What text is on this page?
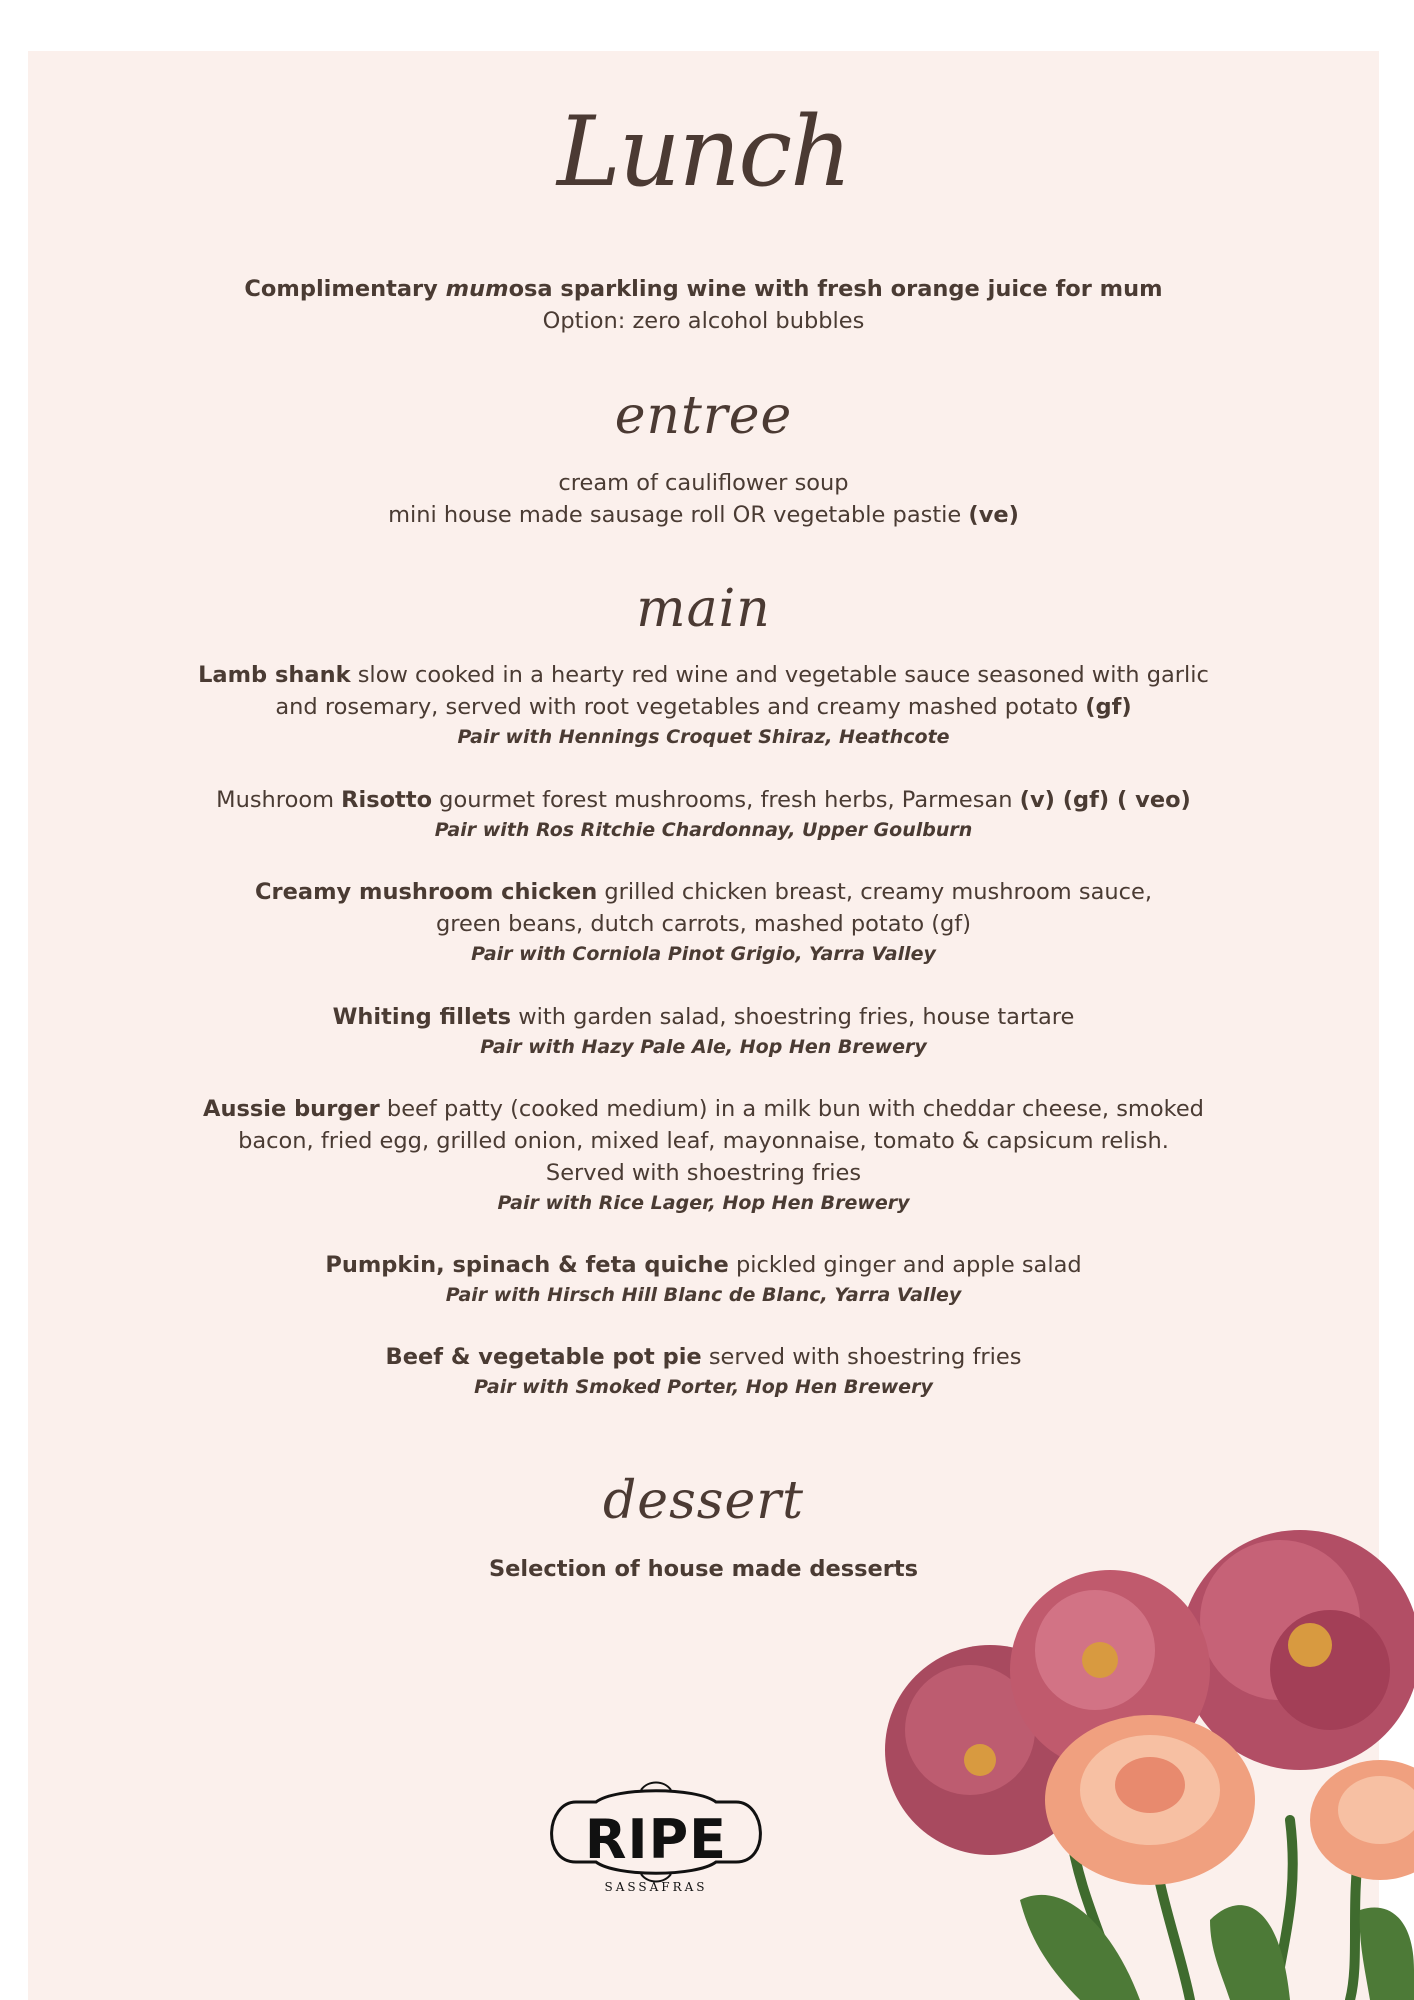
Lunch
Complimentary mumosa sparkling wine with fresh orange juice for mum
Option: zero alcohol bubbles
entree
cream of cauliflower soup
mini house made sausage roll OR vegetable pastie (ve)
main
Lamb shank slow cooked in a hearty red wine and vegetable sauce seasoned with garlic
and rosemary, served with root vegetables and creamy mashed potato (gf)
Pair with Hennings Croquet Shiraz, Heathcote
Mushroom Risotto gourmet forest mushrooms, fresh herbs, Parmesan (v) (gf) ( veo)
Pair with Ros Ritchie Chardonnay, Upper Goulburn
Creamy mushroom chicken grilled chicken breast, creamy mushroom sauce,
green beans, dutch carrots, mashed potato (gf)
Pair with Corniola Pinot Grigio, Yarra Valley
Whiting fillets with garden salad, shoestring fries, house tartare
Pair with Hazy Pale Ale, Hop Hen Brewery
Aussie burger beef patty (cooked medium) in a milk bun with cheddar cheese, smoked
bacon, fried egg, grilled onion, mixed leaf, mayonnaise, tomato & capsicum relish.
Served with shoestring fries
Pair with Rice Lager, Hop Hen Brewery
Pumpkin, spinach & feta quiche pickled ginger and apple salad
Pair with Hirsch Hill Blanc de Blanc, Yarra Valley
Beef & vegetable pot pie served with shoestring fries
Pair with Smoked Porter, Hop Hen Brewery
dessert
Selection of house made desserts
RIPE
SASSAFRAS
